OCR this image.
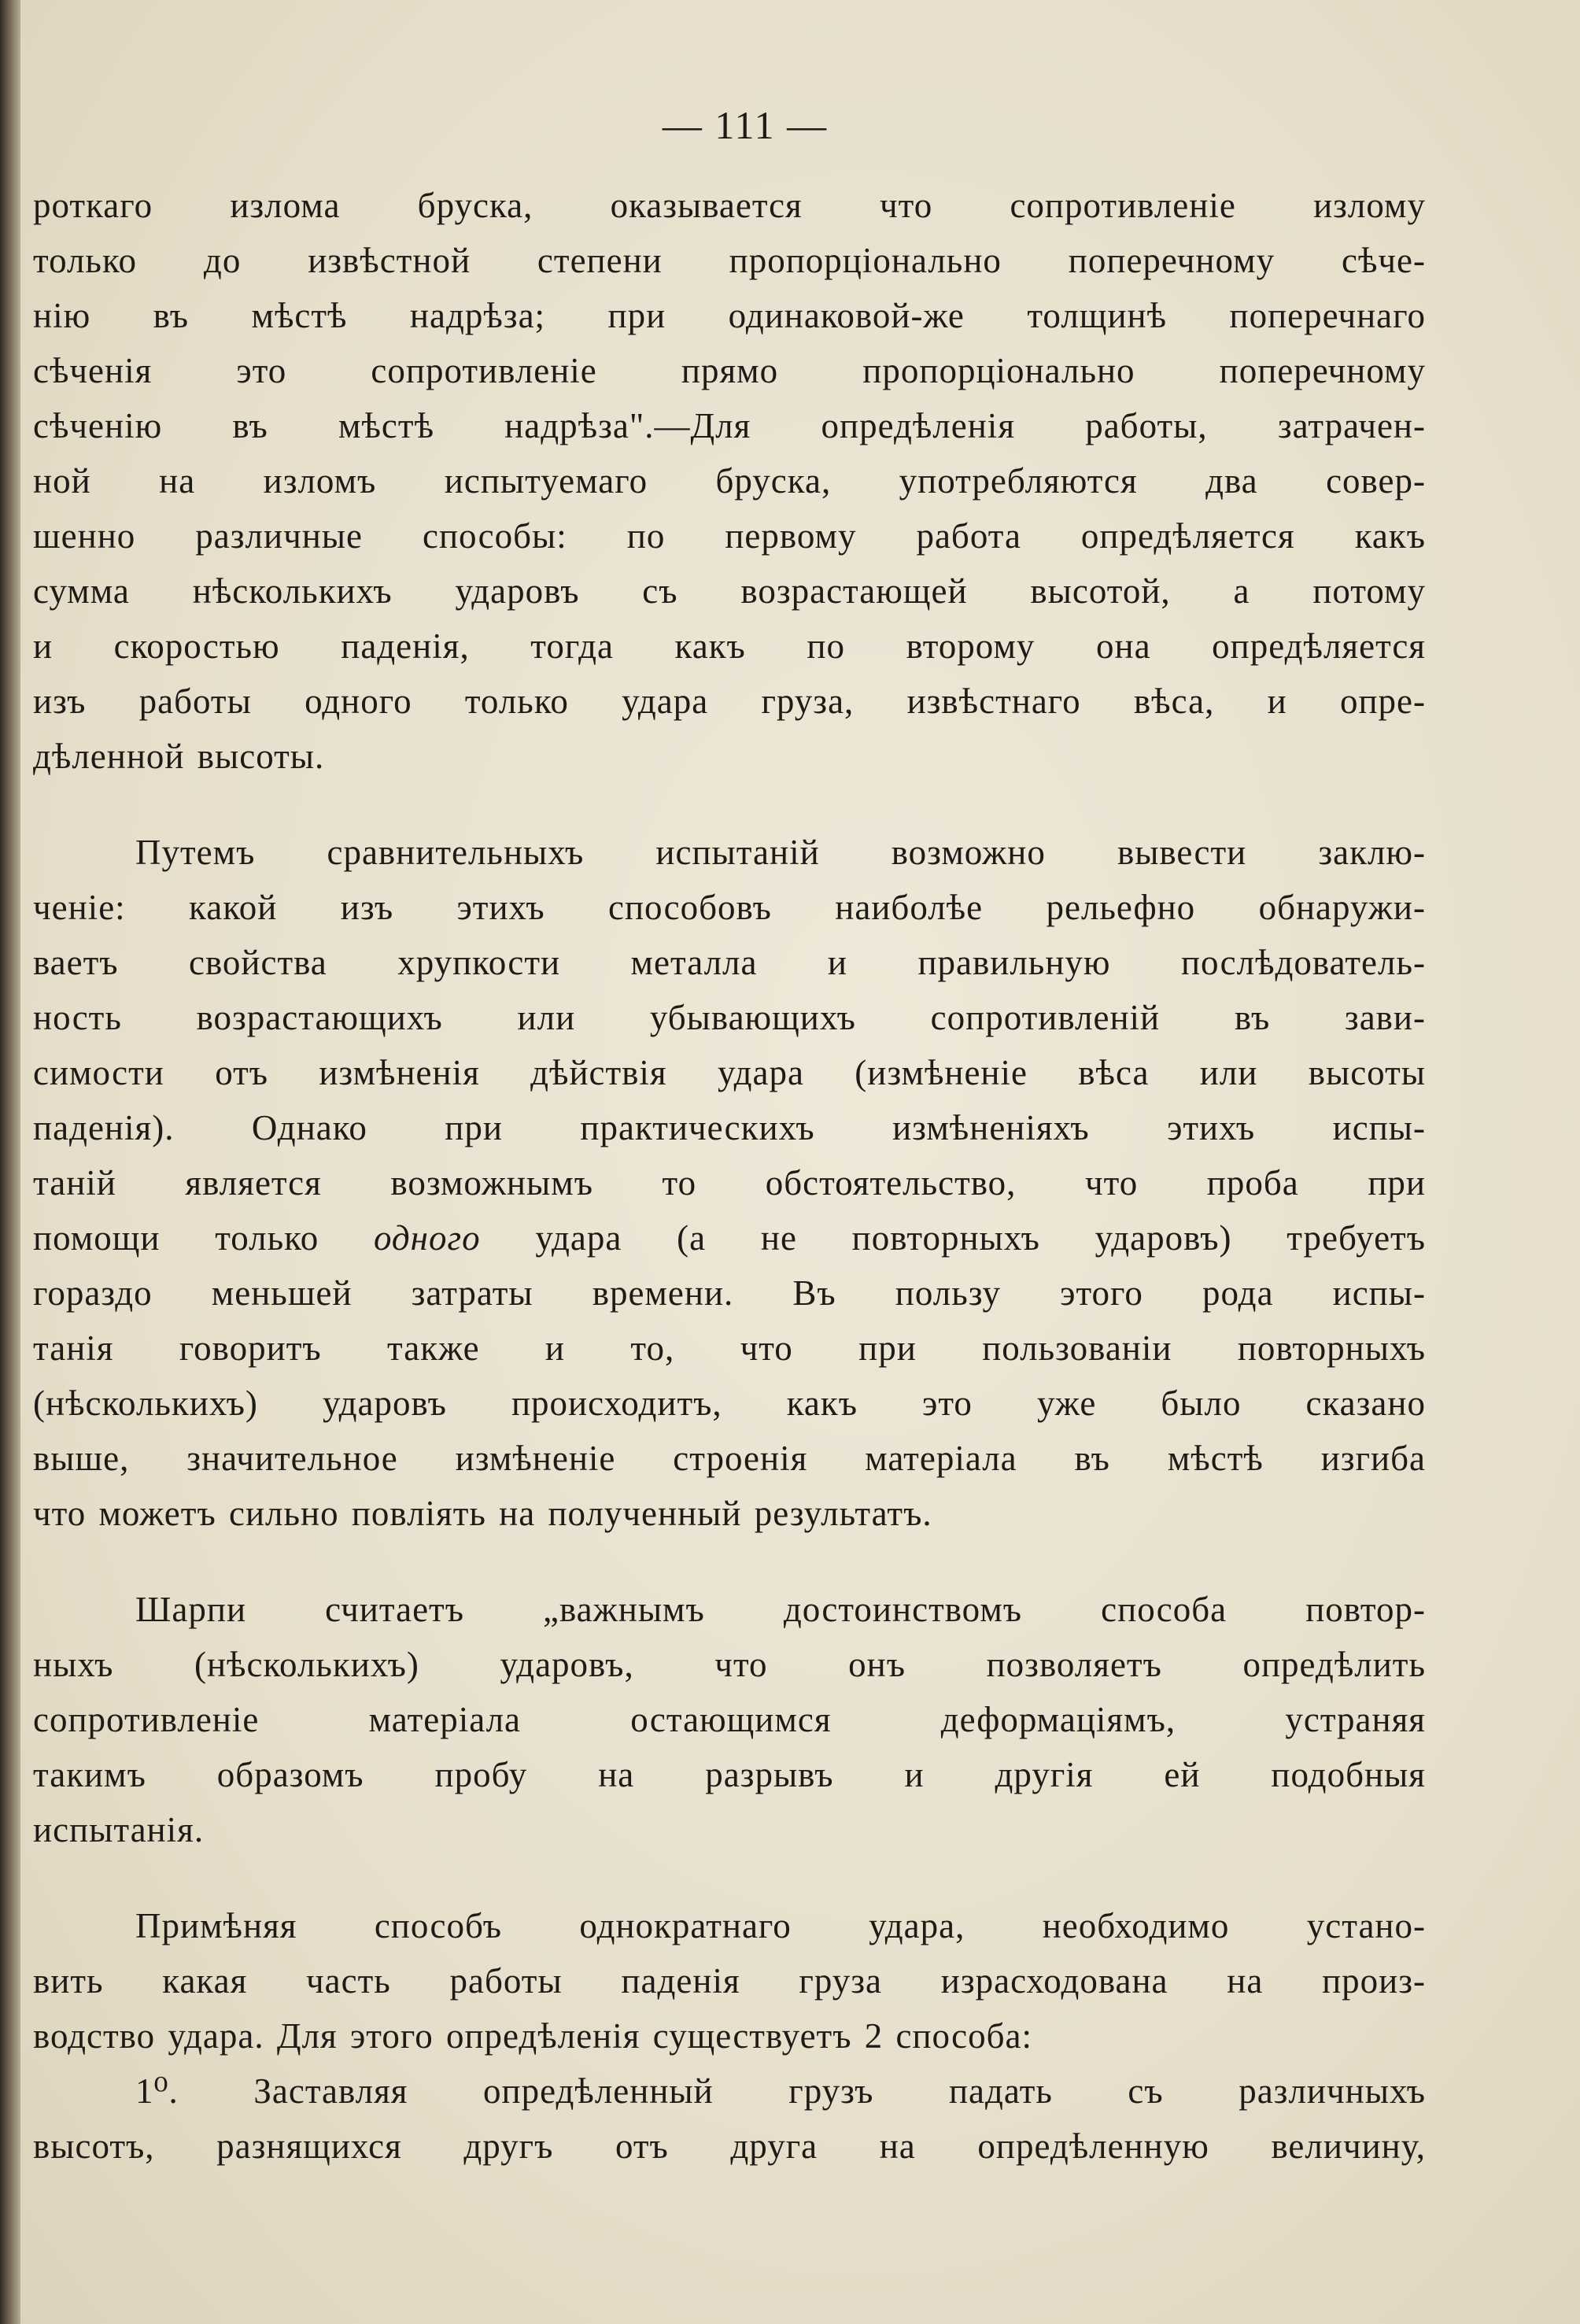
— 111 —
роткаго излома бруска, оказывается что сопротивленіе излому
только до извѣстной степени пропорціонально поперечному сѣче-
нію въ мѣстѣ надрѣза; при одинаковой-же толщинѣ поперечнаго
сѣченія это сопротивленіе прямо пропорціонально поперечному
сѣченію въ мѣстѣ надрѣза".—Для опредѣленія работы, затрачен-
ной на изломъ испытуемаго бруска, употребляются два совер-
шенно различные способы: по первому работа опредѣляется какъ
сумма нѣсколькихъ ударовъ съ возрастающей высотой, а потому
и скоростью паденія, тогда какъ по второму она опредѣляется
изъ работы одного только удара груза, извѣстнаго вѣса, и опре-
дѣленной высоты.
Путемъ сравнительныхъ испытаній возможно вывести заклю-
ченіе: какой изъ этихъ способовъ наиболѣе рельефно обнаружи-
ваетъ свойства хрупкости металла и правильную послѣдователь-
ность возрастающихъ или убывающихъ сопротивленій въ зави-
симости отъ измѣненія дѣйствія удара (измѣненіе вѣса или высоты
паденія). Однако при практическихъ измѣненіяхъ этихъ испы-
таній является возможнымъ то обстоятельство, что проба при
помощи только одного удара (а не повторныхъ ударовъ) требуетъ
гораздо меньшей затраты времени. Въ пользу этого рода испы-
танія говоритъ также и то, что при пользованіи повторныхъ
(нѣсколькихъ) ударовъ происходитъ, какъ это уже было сказано
выше, значительное измѣненіе строенія матеріала въ мѣстѣ изгиба
что можетъ сильно повліять на полученный результатъ.
Шарпи считаетъ „важнымъ достоинствомъ способа повтор-
ныхъ (нѣсколькихъ) ударовъ, что онъ позволяетъ опредѣлить
сопротивленіе матеріала остающимся деформаціямъ, устраняя
такимъ образомъ пробу на разрывъ и другія ей подобныя
испытанія.
Примѣняя способъ однократнаго удара, необходимо устано-
вить какая часть работы паденія груза израсходована на произ-
водство удара. Для этого опредѣленія существуетъ 2 способа:
1⁰. Заставляя опредѣленный грузъ падать съ различныхъ
высотъ, разнящихся другъ отъ друга на опредѣленную величину,
